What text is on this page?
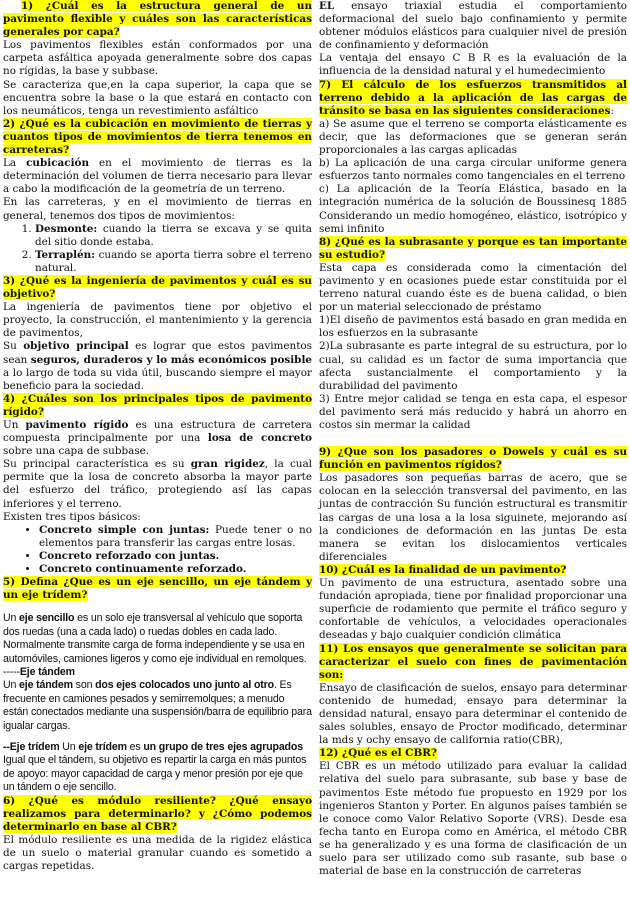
1) ¿Cuál es la estructura general de un pavimento flexible y cuáles son las características generales por capa?

Los pavimentos flexibles están conformados por una carpeta asfáltica apoyada generalmente sobre dos capas no rígidas, la base y subbase.

Se caracteriza que,en la capa superior, la capa que se encuentra sobre la base o la que estará en contacto con los neumáticos, tenga un revestimiento asfáltico

2) ¿Qué es la cubicación en movimiento de tierras y cuantos tipos de movimientos de tierra tenemos en carreteras?

La cubicación en el movimiento de tierras es la determinación del volumen de tierra necesario para llevar a cabo la modificación de la geometría de un terreno.

En las carreteras, y en el movimiento de tierras en general, tenemos dos tipos de movimientos:

1. Desmonte: cuando la tierra se excava y se quita del sitio donde estaba.
2. Terraplén: cuando se aporta tierra sobre el terreno natural.

3) ¿Qué es la ingeniería de pavimentos y cuál es su objetivo?

La ingeniería de pavimentos tiene por objetivo el proyecto, la construcción, el mantenimiento y la gerencia de pavimentos,

Su objetivo principal es lograr que estos pavimentos sean seguros, duraderos y lo más económicos posible a lo largo de toda su vida útil, buscando siempre el mayor beneficio para la sociedad.

4) ¿Cuáles son los principales tipos de pavimento rígido?

Un pavimento rígido es una estructura de carretera compuesta principalmente por una losa de concreto sobre una capa de subbase.

Su principal característica es su gran rigidez, la cual permite que la losa de concreto absorba la mayor parte del esfuerzo del tráfico, protegiendo así las capas inferiores y el terreno.

Existen tres tipos básicos:

• Concreto simple con juntas: Puede tener o no elementos para transferir las cargas entre losas.
• Concreto reforzado con juntas.
• Concreto continuamente reforzado.

5) Defina ¿Que es un eje sencillo, un eje tándem y un eje trídem?

Un eje sencillo es un solo eje transversal al vehículo que soporta dos ruedas (una a cada lado) o ruedas dobles en cada lado. Normalmente transmite carga de forma independiente y se usa en automóviles, camiones ligeros y como eje individual en remolques. -----Eje tándem

Un eje tándem son dos ejes colocados uno junto al otro. Es frecuente en camiones pesados y semirremolques; a menudo están conectados mediante una suspensión/barra de equilibrio para igualar cargas.

--Eje trídem Un eje trídem es un grupo de tres ejes agrupados Igual que el tándem, su objetivo es repartir la carga en más puntos de apoyo: mayor capacidad de carga y menor presión por eje que un tándem o eje sencillo.

6) ¿Qué es módulo resiliente? ¿Qué ensayo realizamos para determinarlo? y ¿Cómo podemos determinarlo en base al CBR?

El módulo resiliente es una medida de la rigidez elástica de un suelo o material granular cuando es sometido a cargas repetidas.

EL ensayo triaxial estudia el comportamiento deformacional del suelo bajo confinamiento y permite obtener módulos elásticos para cualquier nivel de presión de confinamiento y deformación

La ventaja del ensayo C B R es la evaluación de la influencia de la densidad natural y el humedecimiento

7) El cálculo de los esfuerzos transmitidos al terreno debido a la aplicación de las cargas de tránsito se basa en las siguientes consideraciones:

a) Se asume que el terreno se comporta elásticamente es decir, que las deformaciones que se generan serán proporcionales a las cargas aplicadas

b) La aplicación de una carga circular uniforme genera esfuerzos tanto normales como tangenciales en el terreno

c) La aplicación de la Teoría Elástica, basado en la integración numérica de la solución de Boussinesq 1885 Considerando un medio homogéneo, elástico, isotrópico y semi infinito

8) ¿Qué es la subrasante y porque es tan importante su estudio?

Esta capa es considerada como la cimentación del pavimento y en ocasiones puede estar constituida por el terreno natural cuando éste es de buena calidad, o bien por un material seleccionado de préstamo

1)El diseño de pavimentos está basado en gran medida en los esfuerzos en la subrasante

2)La subrasante es parte integral de su estructura, por lo cual, su calidad es un factor de suma importancia que afecta sustancialmente el comportamiento y la durabilidad del pavimento

3) Entre mejor calidad se tenga en esta capa, el espesor del pavimento será más reducido y habrá un ahorro en costos sin mermar la calidad

9) ¿Que son los pasadores o Dowels y cuál es su función en pavimentos rígidos?

Los pasadores son pequeñas barras de acero, que se colocan en la selección transversal del pavimento, en las juntas de contracción Su función estructural es transmitir las cargas de una losa a la losa siguinete, mejorando así la condiciones de deformación en las juntas De esta manera se evitan los dislocamientos verticales diferenciales

10) ¿Cuál es la finalidad de un pavimento?

Un pavimento de una estructura, asentado sobre una fundación apropiada, tiene por finalidad proporcionar una superficie de rodamiento que permite el tráfico seguro y confortable de vehículos, a velocidades operacionales deseadas y bajo cualquier condición climática

11) Los ensayos que generalmente se solicitan para caracterizar el suelo con fines de pavimentación son:

Ensayo de clasificación de suelos, ensayo para determinar contenido de humedad, ensayo para determinar la densidad natural, ensayo para determinar el contenido de sales solubles, ensayo de Proctor modificado, determinar la mds y ochy ensayo de california ratio(CBR),

12) ¿Qué es el CBR?

El CBR es un método utilizado para evaluar la calidad relativa del suelo para subrasante, sub base y base de pavimentos Este método fue propuesto en 1929 por los ingenieros Stanton y Porter. En algunos países también se le conoce como Valor Relativo Soporte (VRS). Desde esa fecha tanto en Europa como en América, el método CBR se ha generalizado y es una forma de clasificación de un suelo para ser utilizado como sub rasante, sub base o material de base en la construcción de carreteras
